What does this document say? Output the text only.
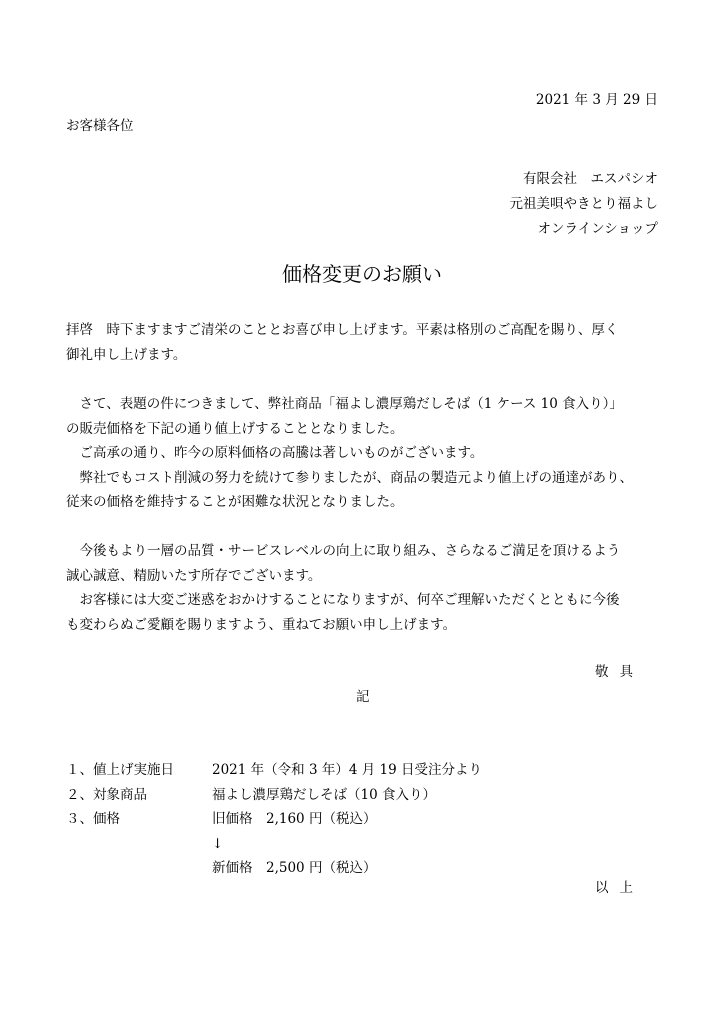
2021 年 3 月 29 日
お客様各位
有限会社　エスパシオ
元祖美唄やきとり福よし
オンラインショップ
価格変更のお願い

拝啓　時下ますますご清栄のこととお喜び申し上げます。平素は格別のご高配を賜り、厚く

御礼申し上げます。

　さて、表題の件につきまして、弊社商品「福よし濃厚鶏だしそば（1 ケース 10 食入り）」

の販売価格を下記の通り値上げすることとなりました。

　ご高承の通り、昨今の原料価格の高騰は著しいものがございます。

　弊社でもコスト削減の努力を続けて参りましたが、商品の製造元より値上げの通達があり、

従来の価格を維持することが困難な状況となりました。

　今後もより一層の品質・サービスレベルの向上に取り組み、さらなるご満足を頂けるよう

誠心誠意、精励いたす所存でございます。

　お客様には大変ご迷惑をおかけすることになりますが、何卒ご理解いただくとともに今後

も変わらぬご愛顧を賜りますよう、重ねてお願い申し上げます。

敬具
記
１、値上げ実施日	2021 年（令和 3 年）4 月 19 日受注分より
２、対象商品	福よし濃厚鶏だしそば（10 食入り）
３、価格	旧価格　2,160 円（税込）
↓
新価格　2,500 円（税込）
以上
